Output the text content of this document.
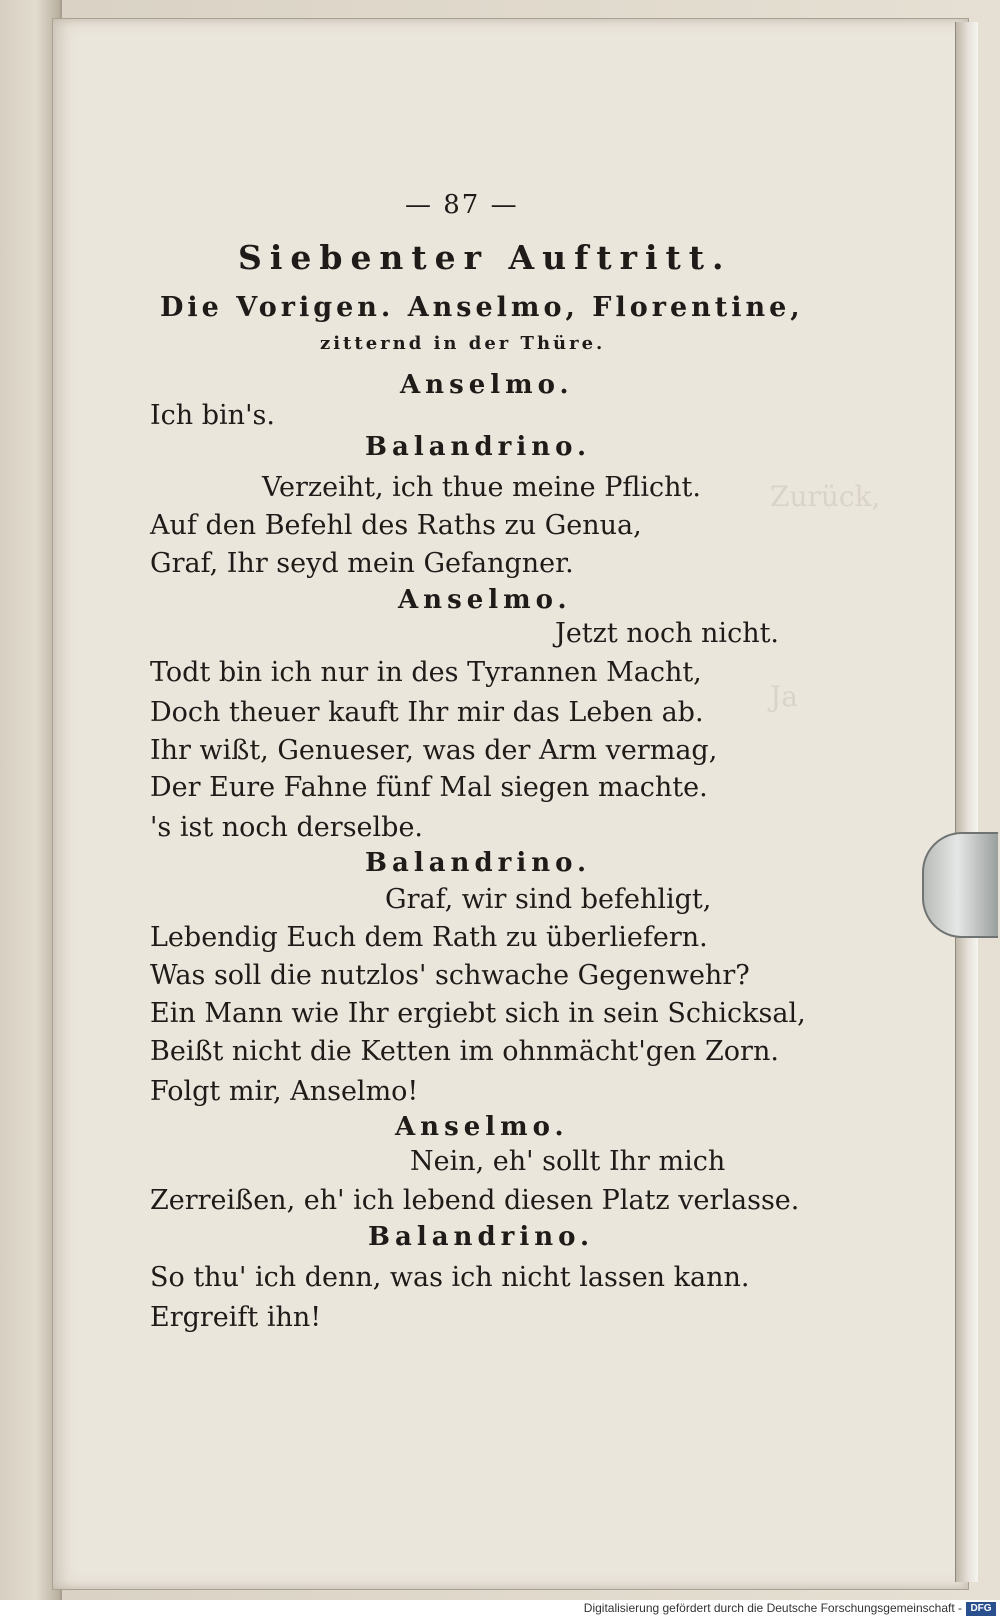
Zurück,
Ja
— 87 —
Siebenter Auftritt.
Die Vorigen. Anselmo, Florentine,
zitternd in der Thüre.
Anselmo.
Ich bin's.
Balandrino.
Verzeiht, ich thue meine Pflicht.
Auf den Befehl des Raths zu Genua,
Graf, Ihr seyd mein Gefangner.
Anselmo.
Jetzt noch nicht.
Todt bin ich nur in des Tyrannen Macht,
Doch theuer kauft Ihr mir das Leben ab.
Ihr wißt, Genueser, was der Arm vermag,
Der Eure Fahne fünf Mal siegen machte.
's ist noch derselbe.
Balandrino.
Graf, wir sind befehligt,
Lebendig Euch dem Rath zu überliefern.
Was soll die nutzlos' schwache Gegenwehr?
Ein Mann wie Ihr ergiebt sich in sein Schicksal,
Beißt nicht die Ketten im ohnmächt'gen Zorn.
Folgt mir, Anselmo!
Anselmo.
Nein, eh' sollt Ihr mich
Zerreißen, eh' ich lebend diesen Platz verlasse.
Balandrino.
So thu' ich denn, was ich nicht lassen kann.
Ergreift ihn!
Digitalisierung gefördert durch die Deutsche Forschungsgemeinschaft - DFG
